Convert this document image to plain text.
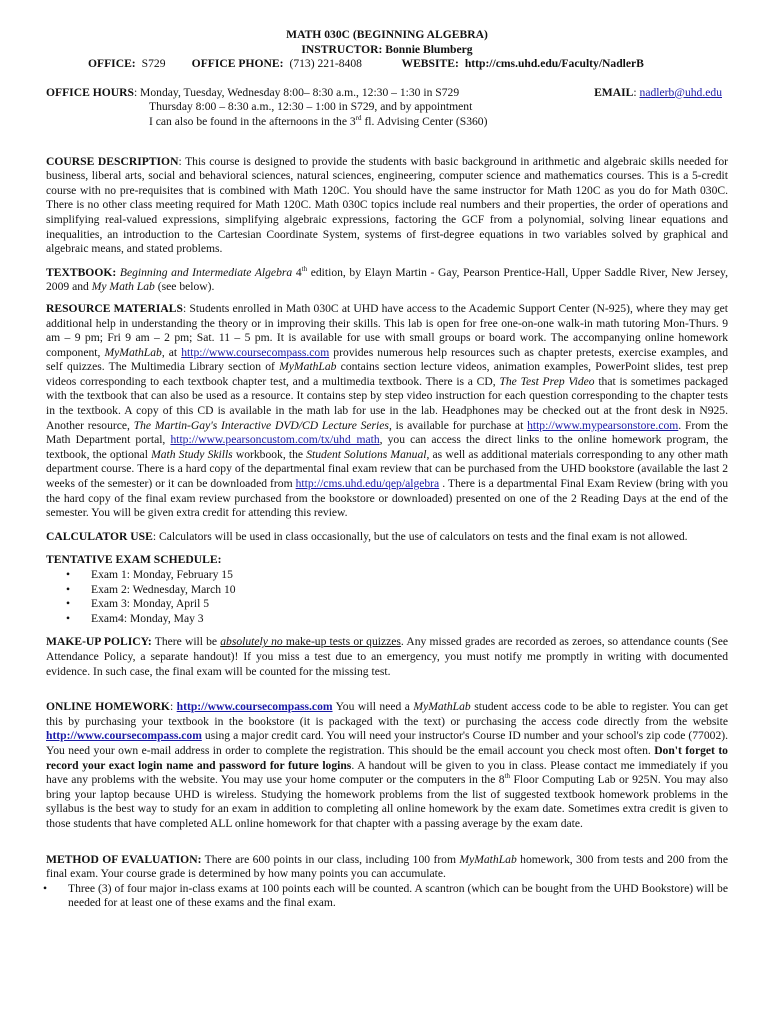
MATH 030C (BEGINNING ALGEBRA)
INSTRUCTOR: Bonnie Blumberg
OFFICE: S729	OFFICE PHONE: (713) 221-8408	WEBSITE: http://cms.uhd.edu/Faculty/NadlerB
OFFICE HOURS: Monday, Tuesday, Wednesday 8:00– 8:30 a.m., 12:30 – 1:30 in S729
Thursday 8:00 – 8:30 a.m., 12:30 – 1:00 in S729, and by appointment
I can also be found in the afternoons in the 3rd fl. Advising Center (S360)
EMAIL: nadlerb@uhd.edu

COURSE DESCRIPTION: This course is designed to provide the students with basic background in arithmetic and algebraic skills needed for business, liberal arts, social and behavioral sciences, natural sciences, engineering, computer science and mathematics courses. This is a 5-credit course with no pre-requisites that is combined with Math 120C. You should have the same instructor for Math 120C as you do for Math 030C. There is no other class meeting required for Math 120C. Math 030C topics include real numbers and their properties, the order of operations and simplifying real-valued expressions, simplifying algebraic expressions, factoring the GCF from a polynomial, solving linear equations and inequalities, an introduction to the Cartesian Coordinate System, systems of first-degree equations in two variables solved by graphical and algebraic means, and stated problems.

TEXTBOOK: Beginning and Intermediate Algebra 4th edition, by Elayn Martin - Gay, Pearson Prentice-Hall, Upper Saddle River, New Jersey, 2009 and My Math Lab (see below).

RESOURCE MATERIALS: Students enrolled in Math 030C at UHD have access to the Academic Support Center (N-925), where they may get additional help in understanding the theory or in improving their skills. This lab is open for free one-on-one walk-in math tutoring Mon-Thurs. 9 am – 9 pm; Fri 9 am – 2 pm; Sat. 11 – 5 pm. It is available for use with small groups or board work. The accompanying online homework component, MyMathLab, at http://www.coursecompass.com provides numerous help resources such as chapter pretests, exercise examples, and self quizzes. The Multimedia Library section of MyMathLab contains section lecture videos, animation examples, PowerPoint slides, test prep videos corresponding to each textbook chapter test, and a multimedia textbook. There is a CD, The Test Prep Video that is sometimes packaged with the textbook that can also be used as a resource. It contains step by step video instruction for each question corresponding to the chapter tests in the textbook. A copy of this CD is available in the math lab for use in the lab. Headphones may be checked out at the front desk in N925. Another resource, The Martin-Gay's Interactive DVD/CD Lecture Series, is available for purchase at http://www.mypearsonstore.com. From the Math Department portal, http://www.pearsoncustom.com/tx/uhd_math, you can access the direct links to the online homework program, the textbook, the optional Math Study Skills workbook, the Student Solutions Manual, as well as additional materials corresponding to any other math department course. There is a hard copy of the departmental final exam review that can be purchased from the UHD bookstore (available the last 2 weeks of the semester) or it can be downloaded from http://cms.uhd.edu/qep/algebra . There is a departmental Final Exam Review (bring with you the hard copy of the final exam review purchased from the bookstore or downloaded) presented on one of the 2 Reading Days at the end of the semester. You will be given extra credit for attending this review.

CALCULATOR USE: Calculators will be used in class occasionally, but the use of calculators on tests and the final exam is not allowed.

TENTATIVE EXAM SCHEDULE:
• Exam 1: Monday, February 15
• Exam 2: Wednesday, March 10
• Exam 3: Monday, April 5
• Exam4: Monday, May 3

MAKE-UP POLICY: There will be absolutely no make-up tests or quizzes. Any missed grades are recorded as zeroes, so attendance counts (See Attendance Policy, a separate handout)! If you miss a test due to an emergency, you must notify me promptly in writing with documented evidence. In such case, the final exam will be counted for the missing test.

ONLINE HOMEWORK: http://www.coursecompass.com You will need a MyMathLab student access code to be able to register. You can get this by purchasing your textbook in the bookstore (it is packaged with the text) or purchasing the access code directly from the website http://www.coursecompass.com using a major credit card. You will need your instructor's Course ID number and your school's zip code (77002). You need your own e-mail address in order to complete the registration. This should be the email account you check most often. Don't forget to record your exact login name and password for future logins. A handout will be given to you in class. Please contact me immediately if you have any problems with the website. You may use your home computer or the computers in the 8th Floor Computing Lab or 925N. You may also bring your laptop because UHD is wireless. Studying the homework problems from the list of suggested textbook homework problems in the syllabus is the best way to study for an exam in addition to completing all online homework by the exam date. Sometimes extra credit is given to those students that have completed ALL online homework for that chapter with a passing average by the exam date.

METHOD OF EVALUATION: There are 600 points in our class, including 100 from MyMathLab homework, 300 from tests and 200 from the final exam. Your course grade is determined by how many points you can accumulate.

• Three (3) of four major in-class exams at 100 points each will be counted. A scantron (which can be bought from the UHD Bookstore) will be needed for at least one of these exams and the final exam.
